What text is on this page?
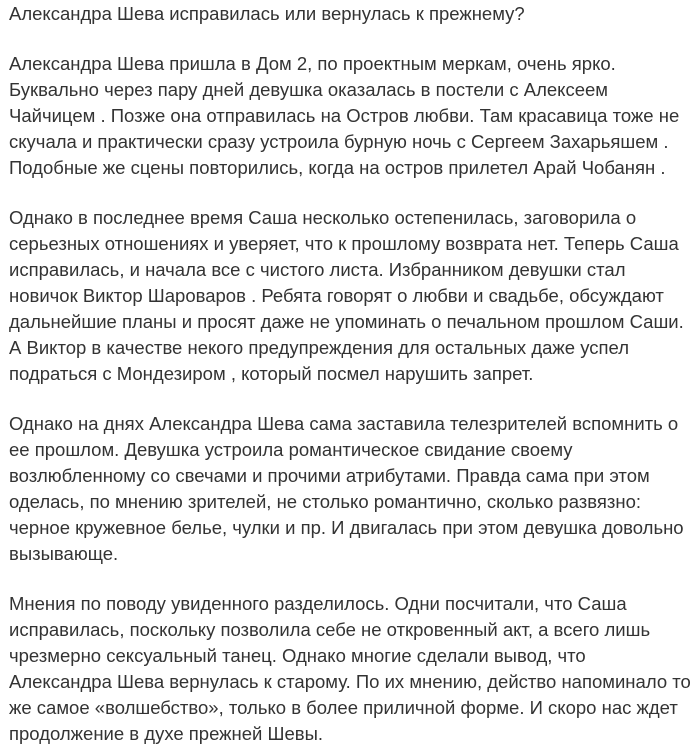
Александра Шева исправилась или вернулась к прежнему?

Александра Шева пришла в Дом 2, по проектным меркам, очень ярко. Буквально через пару дней девушка оказалась в постели с Алексеем Чайчицем . Позже она отправилась на Остров любви. Там красавица тоже не скучала и практически сразу устроила бурную ночь с Сергеем Захарьяшем . Подобные же сцены повторились, когда на остров прилетел Арай Чобанян .

Однако в последнее время Саша несколько остепенилась, заговорила о серьезных отношениях и уверяет, что к прошлому возврата нет. Теперь Саша исправилась, и начала все с чистого листа. Избранником девушки стал новичок Виктор Шароваров . Ребята говорят о любви и свадьбе, обсуждают дальнейшие планы и просят даже не упоминать о печальном прошлом Саши. А Виктор в качестве некого предупреждения для остальных даже успел подраться с Мондезиром , который посмел нарушить запрет.

Однако на днях Александра Шева сама заставила телезрителей вспомнить о ее прошлом. Девушка устроила романтическое свидание своему возлюбленному со свечами и прочими атрибутами. Правда сама при этом оделась, по мнению зрителей, не столько романтично, сколько развязно: черное кружевное белье, чулки и пр. И двигалась при этом девушка довольно вызывающе.

Мнения по поводу увиденного разделилось. Одни посчитали, что Саша исправилась, поскольку позволила себе не откровенный акт, а всего лишь чрезмерно сексуальный танец. Однако многие сделали вывод, что Александра Шева вернулась к старому. По их мнению, действо напоминало то же самое «волшебство», только в более приличной форме. И скоро нас ждет продолжение в духе прежней Шевы.
